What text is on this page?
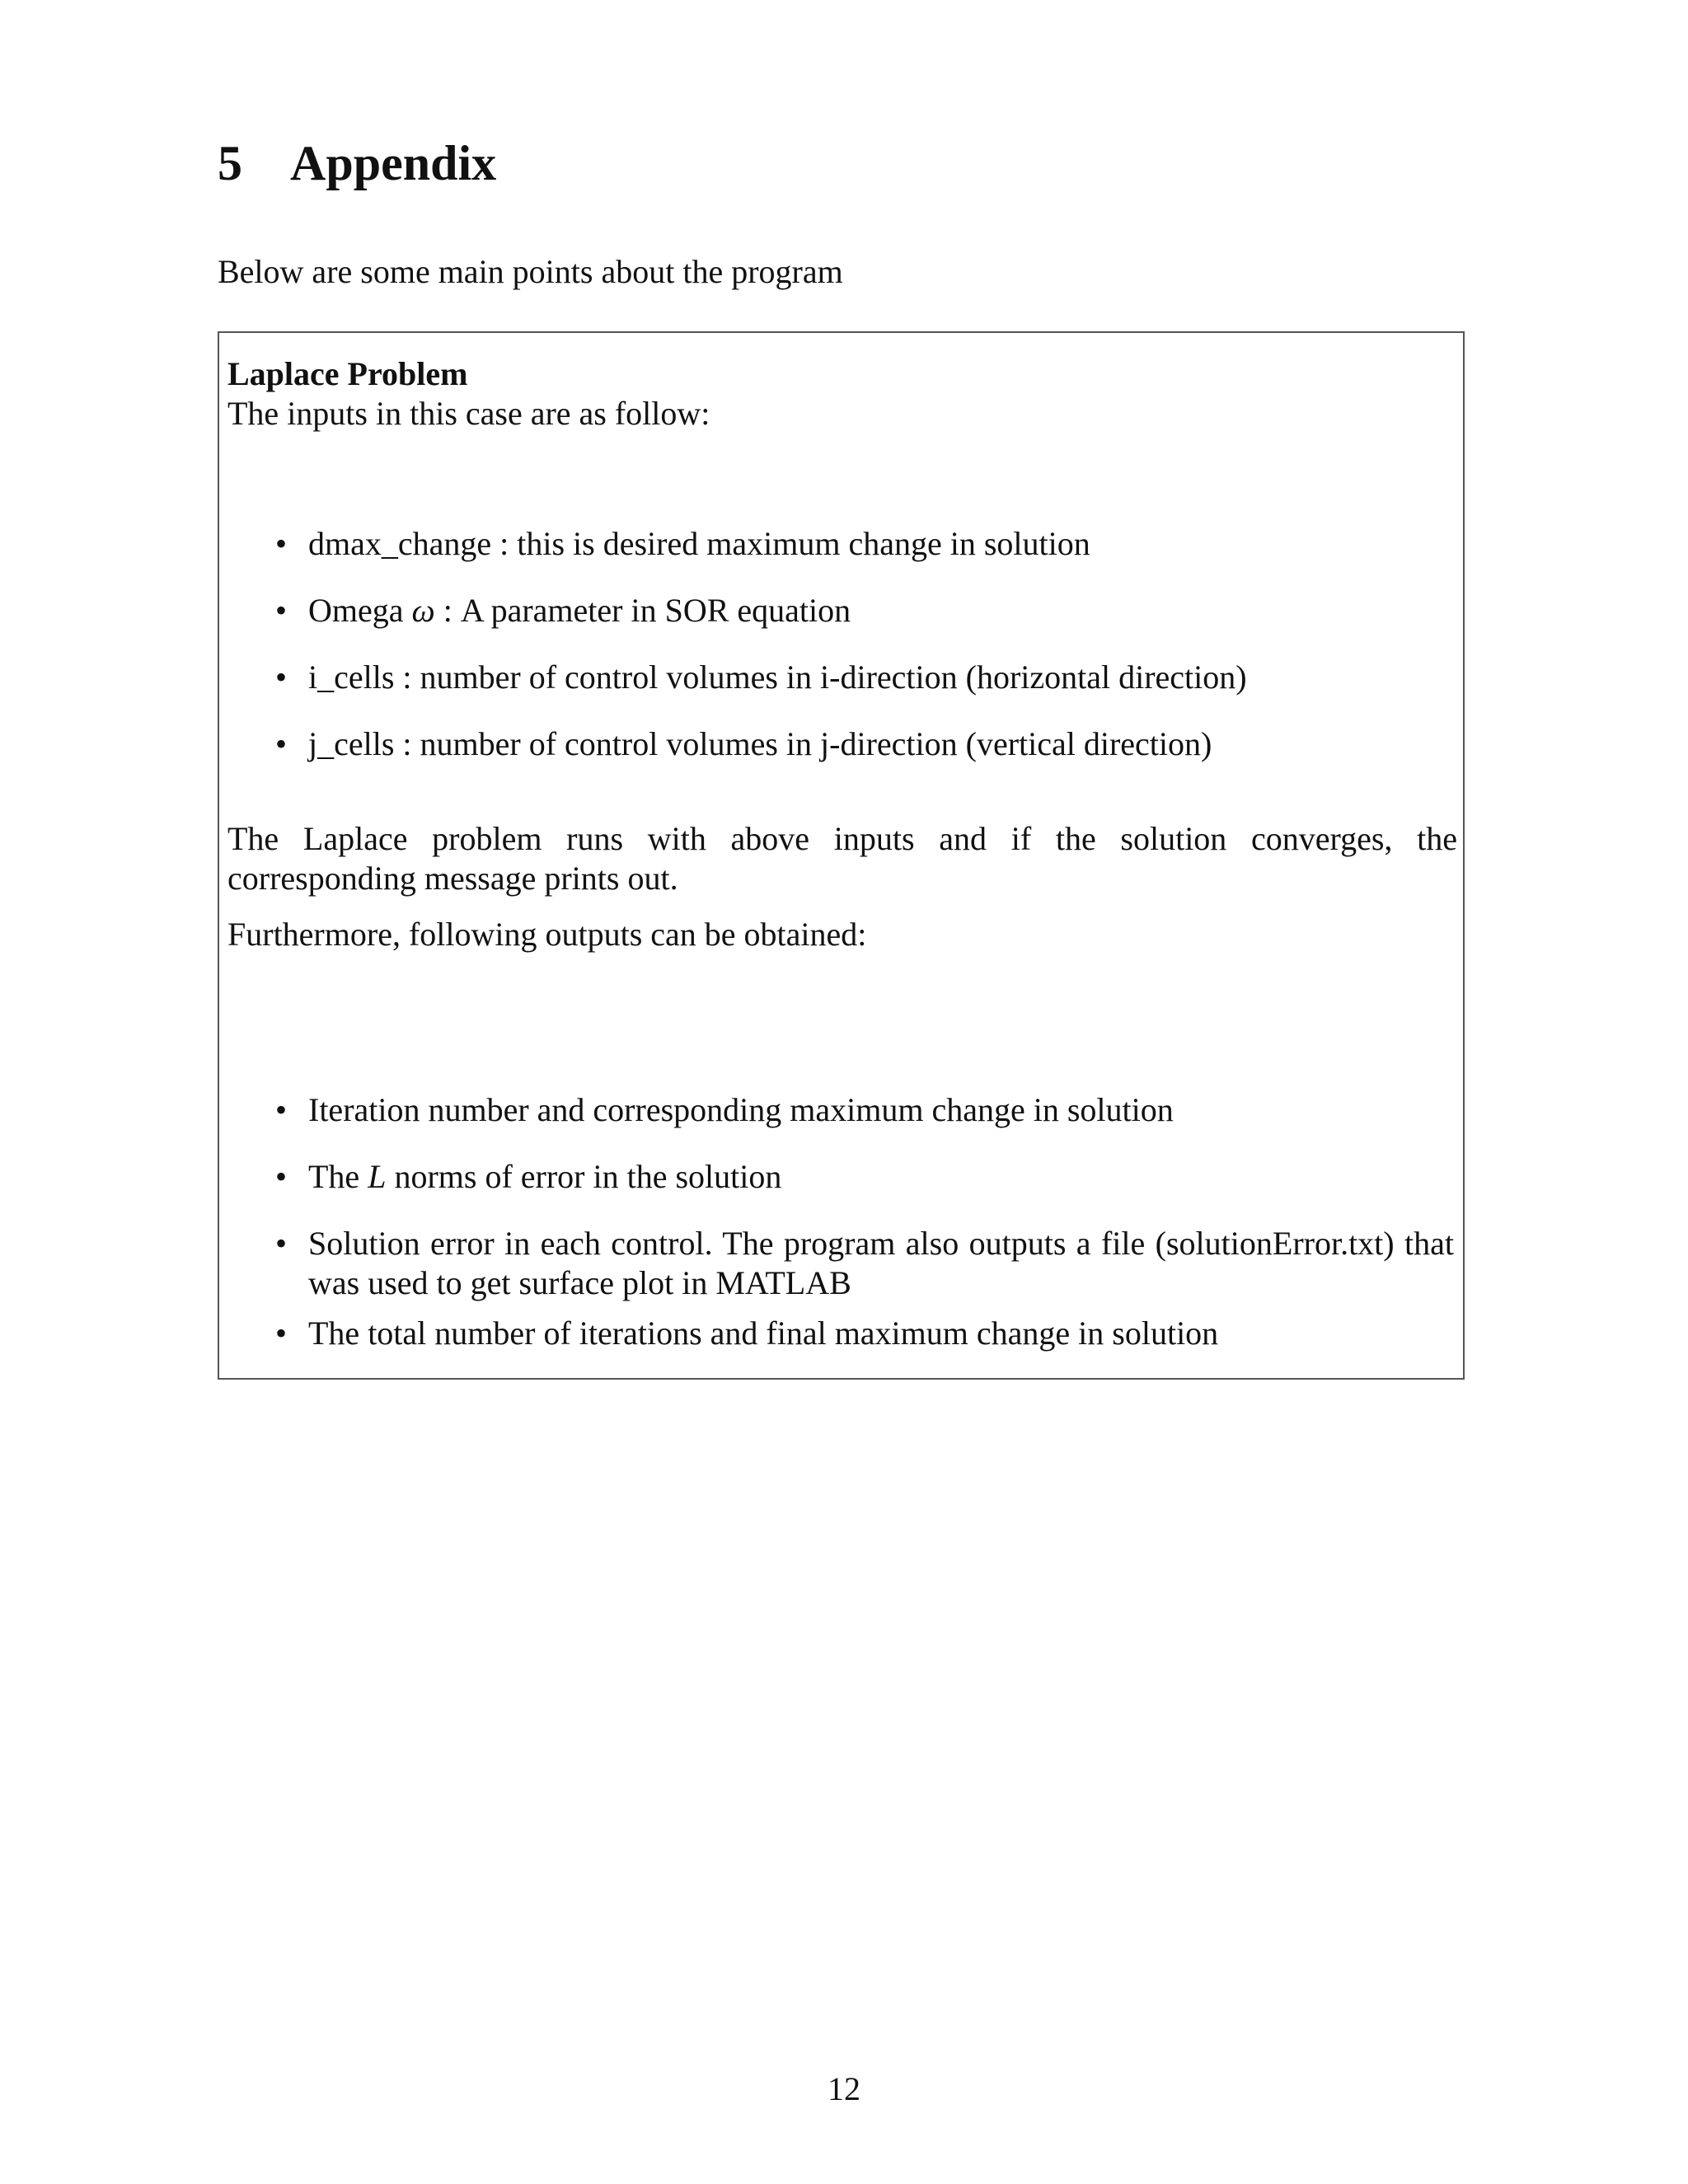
5 Appendix

Below are some main points about the program

Laplace Problem

The inputs in this case are as follow:

• dmax_change : this is desired maximum change in solution

• Omega ω : A parameter in SOR equation

• i_cells : number of control volumes in i-direction (horizontal direction)

• j_cells : number of control volumes in j-direction (vertical direction)

The Laplace problem runs with above inputs and if the solution converges, the corresponding message prints out.

Furthermore, following outputs can be obtained:

• Iteration number and corresponding maximum change in solution

• The L norms of error in the solution

• Solution error in each control. The program also outputs a file (solutionError.txt) that was used to get surface plot in MATLAB

• The total number of iterations and final maximum change in solution

12
